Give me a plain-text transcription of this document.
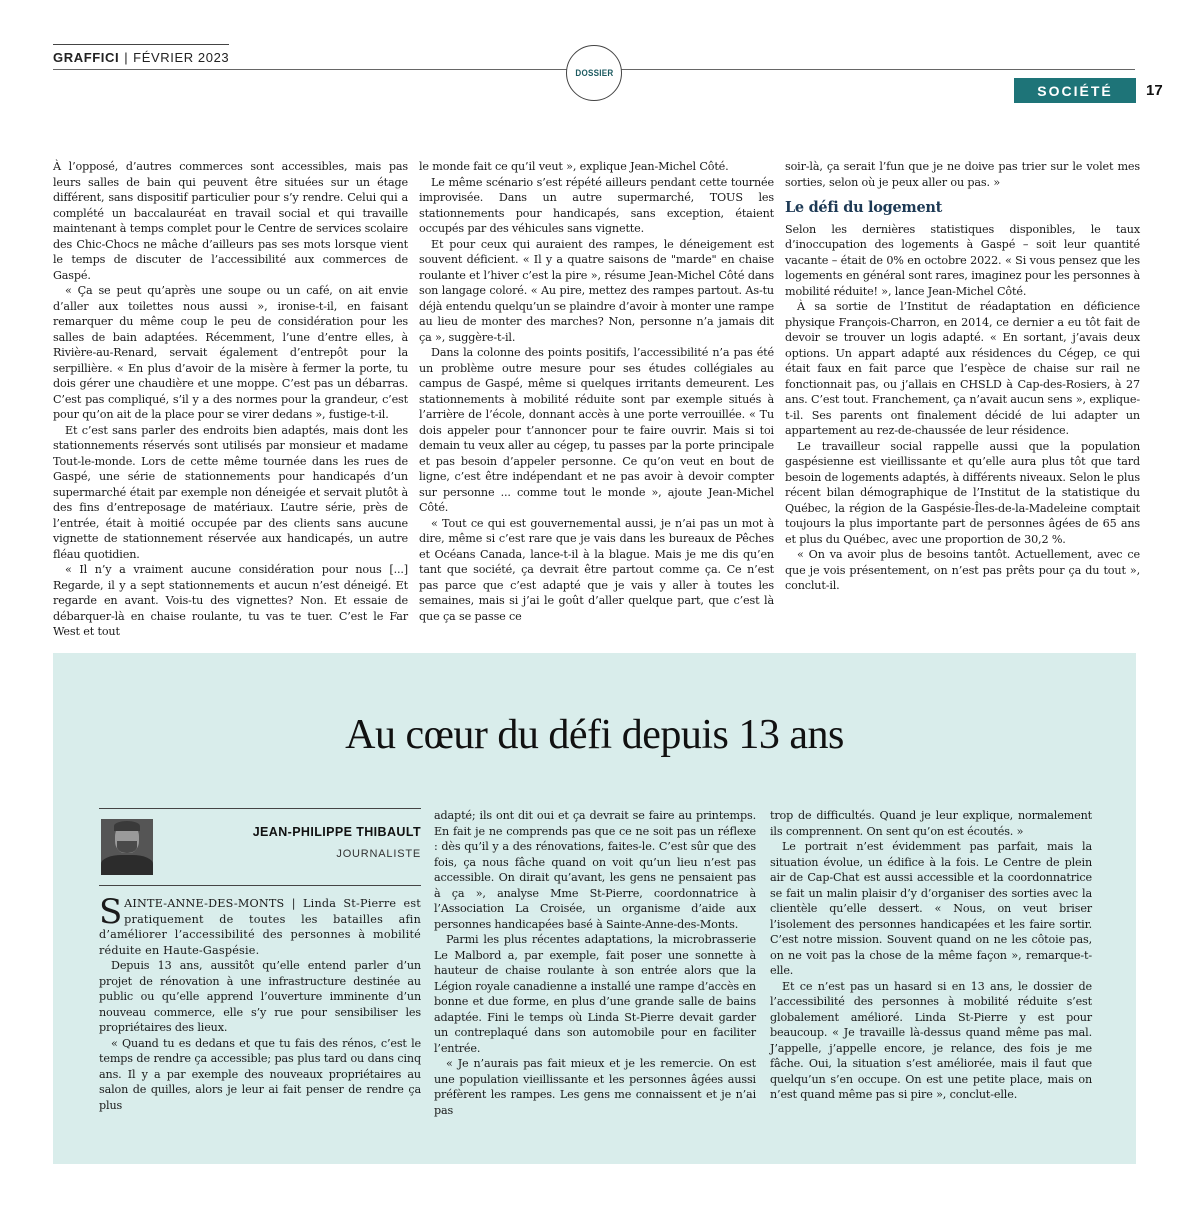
GRAFFICI | FÉVRIER 2023
DOSSIER
SOCIÉTÉ	17

À l’opposé, d’autres commerces sont accessibles, mais pas leurs salles de bain qui peuvent être situées sur un étage différent, sans dispositif particulier pour s’y rendre. Celui qui a complété un baccalauréat en travail social et qui travaille maintenant à temps complet pour le Centre de services scolaire des Chic-Chocs ne mâche d’ailleurs pas ses mots lorsque vient le temps de discuter de l’accessibilité aux commerces de Gaspé.

« Ça se peut qu’après une soupe ou un café, on ait envie d’aller aux toilettes nous aussi », ironise-t-il, en faisant remarquer du même coup le peu de considération pour les salles de bain adaptées. Récemment, l’une d’entre elles, à Rivière-au-Renard, servait également d’entrepôt pour la serpillière. « En plus d’avoir de la misère à fermer la porte, tu dois gérer une chaudière et une moppe. C’est pas un débarras. C’est pas compliqué, s’il y a des normes pour la grandeur, c’est pour qu’on ait de la place pour se virer dedans », fustige-t-il.

Et c’est sans parler des endroits bien adaptés, mais dont les stationnements réservés sont utilisés par monsieur et madame Tout-le-monde. Lors de cette même tournée dans les rues de Gaspé, une série de stationnements pour handicapés d’un supermarché était par exemple non déneigée et servait plutôt à des fins d’entreposage de matériaux. L’autre série, près de l’entrée, était à moitié occupée par des clients sans aucune vignette de stationnement réservée aux handicapés, un autre fléau quotidien.

« Il n’y a vraiment aucune considération pour nous [...] Regarde, il y a sept stationnements et aucun n’est déneigé. Et regarde en avant. Vois-tu des vignettes? Non. Et essaie de débarquer-là en chaise roulante, tu vas te tuer. C’est le Far West et tout

le monde fait ce qu’il veut », explique Jean-Michel Côté.

Le même scénario s’est répété ailleurs pendant cette tournée improvisée. Dans un autre supermarché, TOUS les stationnements pour handicapés, sans exception, étaient occupés par des véhicules sans vignette.

Et pour ceux qui auraient des rampes, le déneigement est souvent déficient. « Il y a quatre saisons de "marde" en chaise roulante et l’hiver c’est la pire », résume Jean-Michel Côté dans son langage coloré. « Au pire, mettez des rampes partout. As-tu déjà entendu quelqu’un se plaindre d’avoir à monter une rampe au lieu de monter des marches? Non, personne n’a jamais dit ça », suggère-t-il.

Dans la colonne des points positifs, l’accessibilité n’a pas été un problème outre mesure pour ses études collégiales au campus de Gaspé, même si quelques irritants demeurent. Les stationnements à mobilité réduite sont par exemple situés à l’arrière de l’école, donnant accès à une porte verrouillée. « Tu dois appeler pour t’annoncer pour te faire ouvrir. Mais si toi demain tu veux aller au cégep, tu passes par la porte principale et pas besoin d’appeler personne. Ce qu’on veut en bout de ligne, c’est être indépendant et ne pas avoir à devoir compter sur personne ... comme tout le monde », ajoute Jean-Michel Côté.

« Tout ce qui est gouvernemental aussi, je n’ai pas un mot à dire, même si c’est rare que je vais dans les bureaux de Pêches et Océans Canada, lance-t-il à la blague. Mais je me dis qu’en tant que société, ça devrait être partout comme ça. Ce n’est pas parce que c’est adapté que je vais y aller à toutes les semaines, mais si j’ai le goût d’aller quelque part, que c’est là que ça se passe ce

soir-là, ça serait l’fun que je ne doive pas trier sur le volet mes sorties, selon où je peux aller ou pas. »

Le défi du logement

Selon les dernières statistiques disponibles, le taux d’inoccupation des logements à Gaspé – soit leur quantité vacante – était de 0% en octobre 2022. « Si vous pensez que les logements en général sont rares, imaginez pour les personnes à mobilité réduite! », lance Jean-Michel Côté.

À sa sortie de l’Institut de réadaptation en déficience physique François-Charron, en 2014, ce dernier a eu tôt fait de devoir se trouver un logis adapté. « En sortant, j’avais deux options. Un appart adapté aux résidences du Cégep, ce qui était faux en fait parce que l’espèce de chaise sur rail ne fonctionnait pas, ou j’allais en CHSLD à Cap-des-Rosiers, à 27 ans. C’est tout. Franchement, ça n’avait aucun sens », explique-t-il. Ses parents ont finalement décidé de lui adapter un appartement au rez-de-chaussée de leur résidence.

Le travailleur social rappelle aussi que la population gaspésienne est vieillissante et qu’elle aura plus tôt que tard besoin de logements adaptés, à différents niveaux. Selon le plus récent bilan démographique de l’Institut de la statistique du Québec, la région de la Gaspésie-Îles-de-la-Madeleine comptait toujours la plus importante part de personnes âgées de 65 ans et plus du Québec, avec une proportion de 30,2 %.

« On va avoir plus de besoins tantôt. Actuellement, avec ce que je vois présentement, on n’est pas prêts pour ça du tout », conclut-il.

Au cœur du défi depuis 13 ans
JEAN-PHILIPPE THIBAULT
JOURNALISTE

SAINTE-ANNE-DES-MONTS | Linda St-Pierre est pratiquement de toutes les batailles afin d’améliorer l’accessibilité des personnes à mobilité réduite en Haute-Gaspésie.

Depuis 13 ans, aussitôt qu’elle entend parler d’un projet de rénovation à une infrastructure destinée au public ou qu’elle apprend l’ouverture imminente d’un nouveau commerce, elle s’y rue pour sensibiliser les propriétaires des lieux.

« Quand tu es dedans et que tu fais des rénos, c’est le temps de rendre ça accessible; pas plus tard ou dans cinq ans. Il y a par exemple des nouveaux propriétaires au salon de quilles, alors je leur ai fait penser de rendre ça plus

adapté; ils ont dit oui et ça devrait se faire au printemps. En fait je ne comprends pas que ce ne soit pas un réflexe : dès qu’il y a des rénovations, faites-le. C’est sûr que des fois, ça nous fâche quand on voit qu’un lieu n’est pas accessible. On dirait qu’avant, les gens ne pensaient pas à ça », analyse Mme St-Pierre, coordonnatrice à l’Association La Croisée, un organisme d’aide aux personnes handicapées basé à Sainte-Anne-des-Monts.

Parmi les plus récentes adaptations, la microbrasserie Le Malbord a, par exemple, fait poser une sonnette à hauteur de chaise roulante à son entrée alors que la Légion royale canadienne a installé une rampe d’accès en bonne et due forme, en plus d’une grande salle de bains adaptée. Fini le temps où Linda St-Pierre devait garder un contreplaqué dans son automobile pour en faciliter l’entrée.

« Je n’aurais pas fait mieux et je les remercie. On est une population vieillissante et les personnes âgées aussi préfèrent les rampes. Les gens me connaissent et je n’ai pas

trop de difficultés. Quand je leur explique, normalement ils comprennent. On sent qu’on est écoutés. »

Le portrait n’est évidemment pas parfait, mais la situation évolue, un édifice à la fois. Le Centre de plein air de Cap-Chat est aussi accessible et la coordonnatrice se fait un malin plaisir d’y d’organiser des sorties avec la clientèle qu’elle dessert. « Nous, on veut briser l’isolement des personnes handicapées et les faire sortir. C’est notre mission. Souvent quand on ne les côtoie pas, on ne voit pas la chose de la même façon », remarque-t-elle.

Et ce n’est pas un hasard si en 13 ans, le dossier de l’accessibilité des personnes à mobilité réduite s’est globalement amélioré. Linda St-Pierre y est pour beaucoup. « Je travaille là-dessus quand même pas mal. J’appelle, j’appelle encore, je relance, des fois je me fâche. Oui, la situation s’est améliorée, mais il faut que quelqu’un s’en occupe. On est une petite place, mais on n’est quand même pas si pire », conclut-elle.
